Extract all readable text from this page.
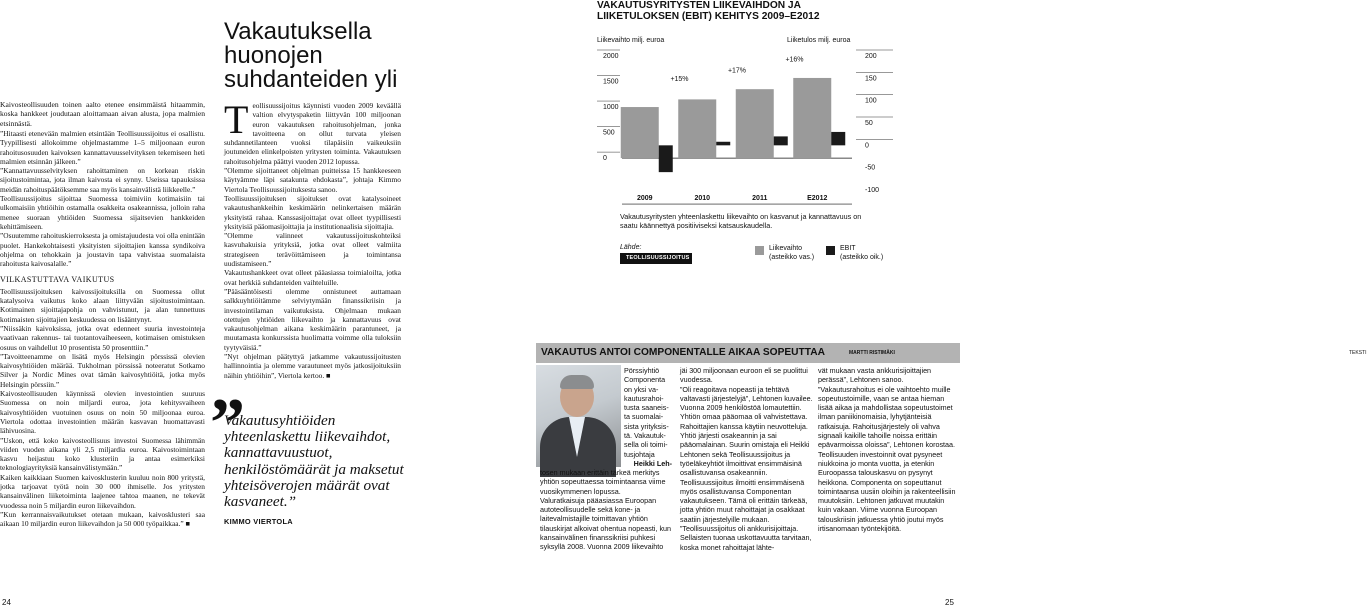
Kaivosteollisuuden toinen aalto etenee ensimmäistä hitaammin, koska hankkeet joudutaan aloittamaan aivan alusta, jopa malmien etsinnästä.

”Hitaasti etenevään malmien etsintään Teollisuussijoitus ei osallistu. Tyypillisesti allokoimme ohjelmastamme 1–5 miljoonaan euron rahoitusosuuden kaivoksen kannattavuusselvityksen tekemiseen heti malmien etsinnän jälkeen.”

”Kannattavuusselvityksen rahoittaminen on korkean riskin sijoitustoimintaa, jota ilman kaivosta ei synny. Useissa tapauksissa meidän rahoituspäätöksemme saa myös kansainvälistä liikkeelle.”

Teollisuussijoitus sijoittaa Suomessa toimiviin kotimaisiin tai ulkomaisiin yhtiöihin ostamalla osakkeita osakeannissa, jolloin raha menee suoraan yhtiöiden Suomessa sijaitsevien hankkeiden kehittämiseen.

”Osuutemme rahoituskierroksesta ja omistajuudesta voi olla enintään puolet. Hankekohtaisesti yksityisten sijoittajien kanssa syndikoiva ohjelma on tehokkain ja joustavin tapa vahvistaa suomalaista rahoitusta kaivosalalle.”

VILKASTUTTAVA VAIKUTUS

Teollisuussijoituksen kaivossijoituksilla on Suomessa ollut katalysoiva vaikutus koko alaan liittyvään sijoitustoimintaan. Kotimainen sijoittajapohja on vahvistunut, ja alan tunnettuus kotimaisten sijoittajien keskuudessa on lisääntynyt.

”Niissäkin kaivoksissa, jotka ovat edenneet suuria investointeja vaativaan rakennus- tai tuotantovaiheeseen, kotimaisen omistuksen osuus on vaihdellut 10 prosentista 50 prosenttiin.”

”Tavoitteenamme on lisätä myös Helsingin pörssissä olevien kaivosyhtiöiden määrää. Tukholman pörssissä noteeratut Sotkamo Silver ja Nordic Mines ovat tämän kaivosyhtiöitä, jotka myös Helsingin pörssiin.”

Kaivosteollisuuden käynnissä olevien investointien suuruus Suomessa on noin miljardi euroa, jota kehitysvaiheen kaivosyhtiöiden vuotuinen osuus on noin 50 miljoonaa euroa. Viertola odottaa investointien määrän kasvavan huomattavasti lähivuosina.

”Uskon, että koko kaivosteollisuus investoi Suomessa lähimmän viiden vuoden aikana yli 2,5 miljardia euroa. Kaivostoimintaan kasvu heijastuu koko klusteriin ja antaa esimerkiksi teknologiayrityksiä kansainvälistymään.”

Kaiken kaikkiaan Suomen kaivosklusterin kuuluu noin 800 yritystä, jotka tarjoavat työtä noin 30 000 ihmiselle. Jos yritysten kansainvälinen liiketoiminta laajenee tahtoa maanen, ne tekevät vuodessa noin 5 miljardin euron liikevaihdon.

”Kun kerrannaisvaikutukset otetaan mukaan, kaivosklusteri saa aikaan 10 miljardin euron liikevaihdon ja 50 000 työpaikkaa.” ■

Vakautuksella
huonojen
suhdanteiden yli
T eollisuussijoitus käynnisti vuoden 2009 keväällä valtion elvytyspaketin liittyvän 100 miljoonan euron vakautuksen rahoitusohjelman, jonka tavoitteena on ollut turvata yleisen suhdannetilanteen vuoksi tilapäisiin vaikeuksiin joutuneiden elinkelpoisten yritysten toiminta. Vakautuksen rahoitusohjelma päättyi vuoden 2012 lopussa.

”Olemme sijoittaneet ohjelman puitteissa 15 hankkeeseen käytyämme läpi satakunta ehdokasta”, johtaja Kimmo Viertola Teollisuussijoituksesta sanoo.

Teollisuussijoituksen sijoitukset ovat katalysoineet vakautushankkeihin keskimäärin nelinkertaisen määrän yksityistä rahaa. Kanssasijoittajat ovat olleet tyypillisesti yksityisiä pääomasijoittajia ja institutionaalisia sijoittajia.

”Olemme valinneet vakautussijoituskohteiksi kasvuhakuisia yrityksiä, jotka ovat olleet valmiita strategiseen terävöittämiseen ja toimintansa uudistamiseen.”

Vakautushankkeet ovat olleet pääasiassa toimialoilta, jotka ovat herkkiä suhdanteiden vaihteluille.

”Pääsääntöisesti olemme onnistuneet auttamaan salkkuyhtiöitämme selviytymään finanssikriisin ja investointilaman vaikutuksista. Ohjelmaan mukaan otettujen yhtiöiden liikevaihto ja kannattavuus ovat vakautusohjelman aikana keskimäärin parantuneet, ja muutamasta konkurssista huolimatta voimme olla tuloksiin tyytyväisiä.”

”Nyt ohjelman päätyttyä jatkamme vakautussijoitusten hallinnointia ja olemme varautuneet myös jatkosijoituksiin näihin yhtiöihin”, Viertola kertoo. ■

”
Vakautusyhtiöiden yhteenlaskettu liikevaihdot, kannattavuustuot, henkilöstömäärät ja maksetut yhteisöverojen määrät ovat kasvaneet.”
KIMMO VIERTOLA
24
VAKAUTUSYRITYSTEN LIIKEVAIHDON JA
LIIKETULOKSEN (EBIT) KEHITYS 2009–E2012
Liikevaihto milj. euroa	Liiketulos milj. euroa
0
500
1000
1500
2000
-100
-50
0
50
100
150
200
2009	2010	2011	E2012
+15%
+17%
+16%
Vakautusyritysten yhteenlaskettu liikevaihto on kasvanut ja kannattavuus on saatu käännettyä positiiviseksi katsauskaudella.
Lähde:
TEOLLISUUSSIJOITUS
Liikevaihto
(asteikko vas.)
EBIT
(asteikko oik.)
VAKAUTUS ANTOI COMPONENTALLE AIKAA SOPEUTTAA	TEKSTI
MARTTI RISTIMÄKI
Pörssiyhtiö
Componenta
on yksi va-
kautusrahoi-
tusta saaneis-
ta suomalai-
sista yrityksis-
tä. Vakautuk-
sella oli toimi-
tusjohtaja
Heikki Leh-
tosen mukaan erittäin tärkeä merkitys yhtiön sopeuttaessa toimintaansa viime vuosikymmenen lopussa.
Valuratkaisuja pääasiassa Euroopan autoteollisuudelle sekä kone- ja laitevalmistajille toimittavan yhtiön tilauskirjat alkoivat ohentua nopeasti, kun kansainvälinen finanssikriisi puhkesi syksyllä 2008. Vuonna 2009 liikevaihto
jäi 300 miljoonaan euroon eli se puolittui vuodessa.
”Oli reagoitava nopeasti ja tehtävä valtavasti järjestelyjä”, Lehtonen kuvailee.
Vuonna 2009 henkilöstöä lomautettiin. Yhtiön omaa pääomaa oli vahvistettava. Rahoittajien kanssa käytiin neuvotteluja. Yhtiö järjesti osakeannin ja sai pääomalainan. Suurin omistaja eli Heikki Lehtonen sekä Teollisuussijoitus ja työeläkeyhtiöt ilmoittivat ensimmäisinä osallistuvansa osakeanniin. Teollisuussijoitus ilmoitti ensimmäisenä myös osallistuvansa Componentan vakautukseen. Tämä oli erittäin tärkeää, jotta yhtiön muut rahoittajat ja osakkaat saatiin järjestelyille mukaan.
”Teollisuussijoitus oli ankkurisijoittaja. Sellaisten tuonaa uskottavuutta tarvitaan, koska monet rahoittajat lähte-
vät mukaan vasta ankkurisijoittajien perässä”, Lehtonen sanoo.
”Vakautusrahoitus ei ole vaihtoehto muille sopeutustoimille, vaan se antaa hieman lisää aikaa ja mahdollistaa sopeutustoimet ilman paniikinomaisia, lyhytjänteisiä ratkaisuja. Rahoitusjärjestely oli vahva signaali kaikille tahoille noissa erittäin epävarmoissa oloissa”, Lehtonen korostaa.
Teollisuuden investoinnit ovat pysyneet niukkoina jo monta vuotta, ja etenkin Euroopassa talouskasvu on pysynyt heikkona. Componenta on sopeuttanut toimintaansa uusiin oloihin ja rakenteellisiin muutoksiin. Lehtonen jatkuvat muutakin kuin vakaan. Viime vuonna Euroopan talouskriisin jatkuessa yhtiö joutui myös irtisanomaan työntekijöitä.
25
